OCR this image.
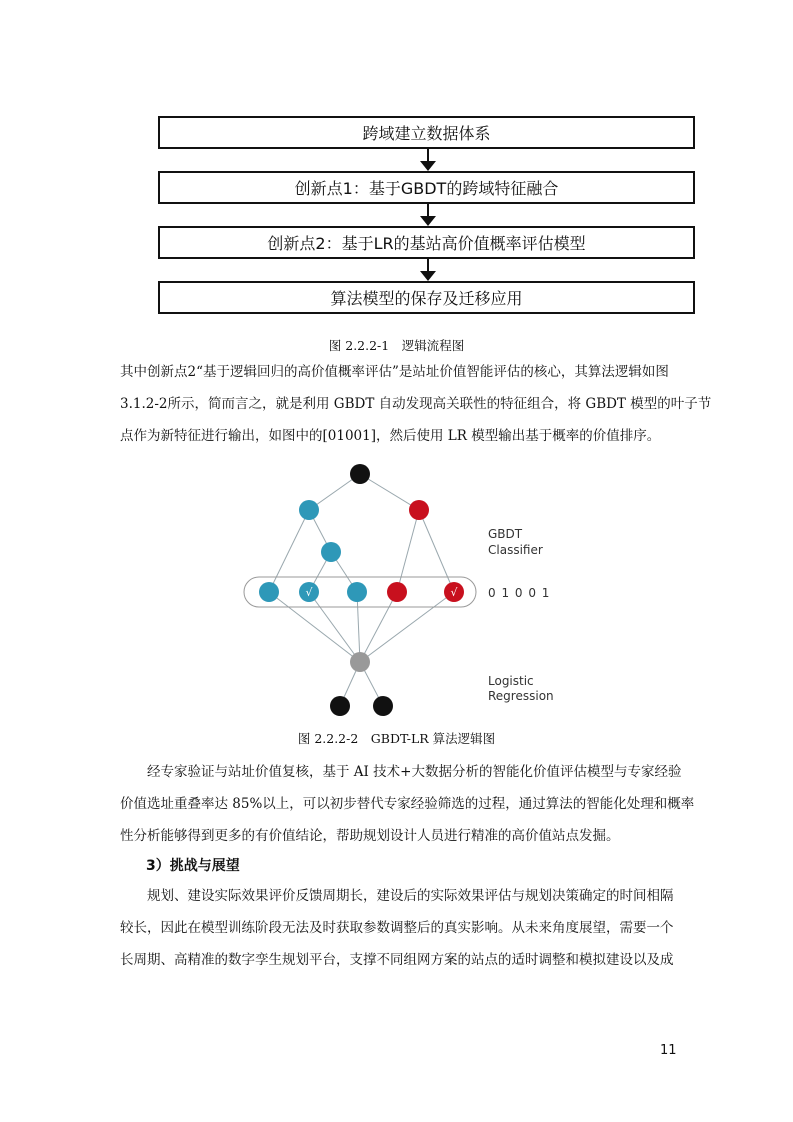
跨域建立数据体系
创新点1：基于GBDT的跨域特征融合
创新点2：基于LR的基站高价值概率评估模型
算法模型的保存及迁移应用
图 2.2.2-1　逻辑流程图

其中创新点2“基于逻辑回归的高价值概率评估”是站址价值智能评估的核心，其算法逻辑如图
3.1.2-2所示，简而言之，就是利用 GBDT 自动发现高关联性的特征组合，将 GBDT 模型的叶子节
点作为新特征进行输出，如图中的[01001]，然后使用 LR 模型输出基于概率的价值排序。

√	√
GBDT
Classifier
0 1 0 0 1
Logistic
Regression
图 2.2.2-2　GBDT-LR 算法逻辑图

经专家验证与站址价值复核，基于 AI 技术+大数据分析的智能化价值评估模型与专家经验
价值选址重叠率达 85%以上，可以初步替代专家经验筛选的过程，通过算法的智能化处理和概率
性分析能够得到更多的有价值结论，帮助规划设计人员进行精准的高价值站点发掘。

3）挑战与展望

规划、建设实际效果评价反馈周期长，建设后的实际效果评估与规划决策确定的时间相隔
较长，因此在模型训练阶段无法及时获取参数调整后的真实影响。从未来角度展望，需要一个
长周期、高精准的数字孪生规划平台，支撑不同组网方案的站点的适时调整和模拟建设以及成

11
